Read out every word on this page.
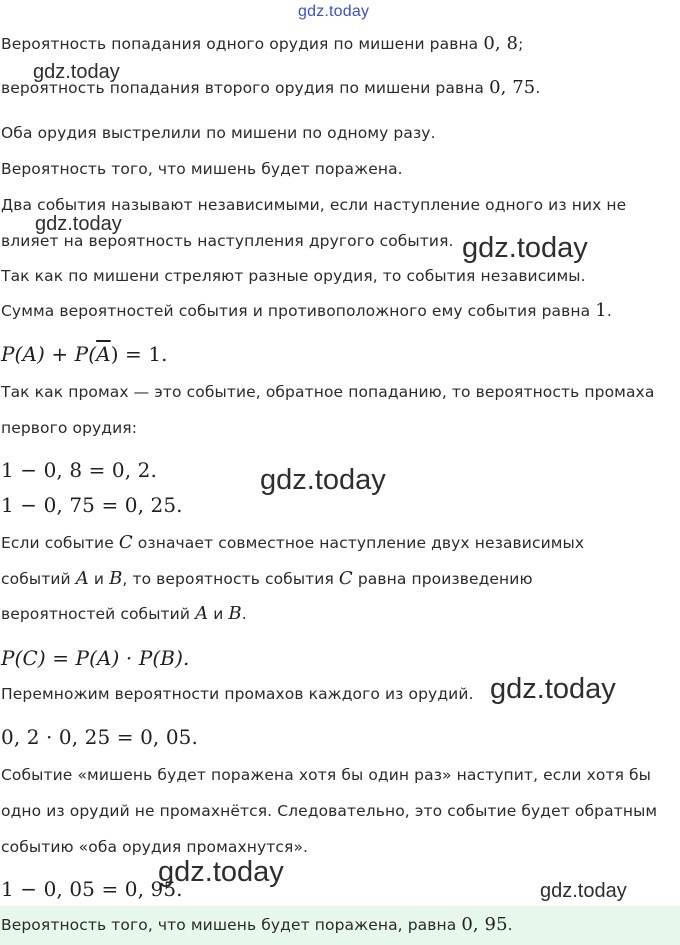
gdz.today
gdz.today
gdz.today
gdz.today
gdz.today
gdz.today
gdz.today
gdz.today
Вероятность попадания одного орудия по мишени равна 0, 8;
вероятность попадания второго орудия по мишени равна 0, 75.
Оба орудия выстрелили по мишени по одному разу.
Вероятность того, что мишень будет поражена.
Два события называют независимыми, если наступление одного из них не
влияет на вероятность наступления другого события.
Так как по мишени стреляют разные орудия, то события независимы.
Сумма вероятностей события и противоположного ему события равна 1.
$P(A) + P(\overline{A}) = 1$.
Так как промах — это событие, обратное попаданию, то вероятность промаха
первого орудия:
1 − 0, 8 = 0, 2.
1 − 0, 75 = 0, 25.
Если событие C означает совместное наступление двух независимых
событий A и B, то вероятность события C равна произведению
вероятностей событий A и B.
P(C) = P(A) · P(B).
Перемножим вероятности промахов каждого из орудий.
0, 2 · 0, 25 = 0, 05.
Событие «мишень будет поражена хотя бы один раз» наступит, если хотя бы
одно из орудий не промахнётся. Следовательно, это событие будет обратным
событию «оба орудия промахнутся».
1 − 0, 05 = 0, 95.
Вероятность того, что мишень будет поражена, равна 0, 95.
